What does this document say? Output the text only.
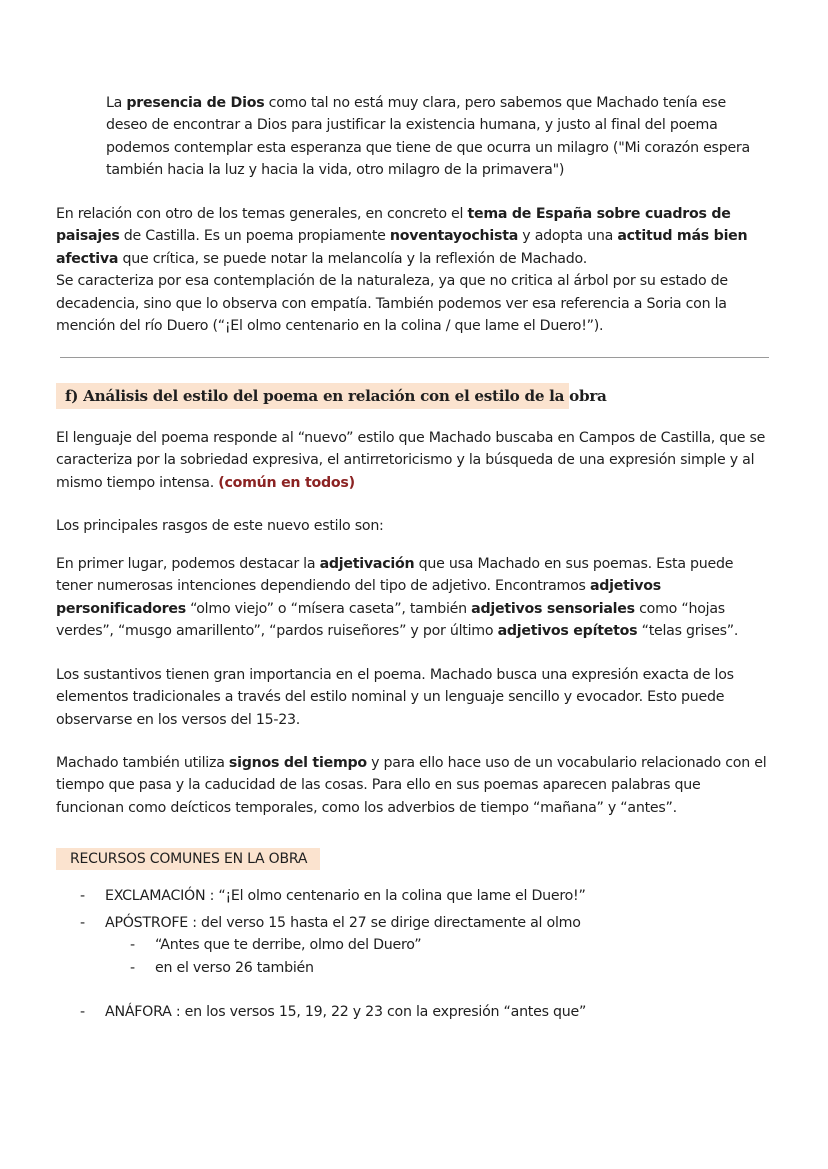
La presencia de Dios como tal no está muy clara, pero sabemos que Machado tenía ese deseo de encontrar a Dios para justificar la existencia humana, y justo al final del poema podemos contemplar esta esperanza que tiene de que ocurra un milagro ("Mi corazón espera también hacia la luz y hacia la vida, otro milagro de la primavera")

En relación con otro de los temas generales, en concreto el tema de España sobre cuadros de paisajes de Castilla. Es un poema propiamente noventayochista y adopta una actitud más bien afectiva que crítica, se puede notar la melancolía y la reflexión de Machado.
Se caracteriza por esa contemplación de la naturaleza, ya que no critica al árbol por su estado de decadencia, sino que lo observa con empatía. También podemos ver esa referencia a Soria con la mención del río Duero (“¡El olmo centenario en la colina / que lame el Duero!”).

f) Análisis del estilo del poema en relación con el estilo de la obra

El lenguaje del poema responde al “nuevo” estilo que Machado buscaba en Campos de Castilla, que se caracteriza por la sobriedad expresiva, el antirretoricismo y la búsqueda de una expresión simple y al mismo tiempo intensa. (común en todos)

Los principales rasgos de este nuevo estilo son:

En primer lugar, podemos destacar la adjetivación que usa Machado en sus poemas. Esta puede tener numerosas intenciones dependiendo del tipo de adjetivo. Encontramos adjetivos personificadores “olmo viejo” o “mísera caseta”, también adjetivos sensoriales como “hojas verdes”, “musgo amarillento”, “pardos ruiseñores” y por último adjetivos epítetos “telas grises”.

Los sustantivos tienen gran importancia en el poema. Machado busca una expresión exacta de los elementos tradicionales a través del estilo nominal y un lenguaje sencillo y evocador. Esto puede observarse en los versos del 15-23.

Machado también utiliza signos del tiempo y para ello hace uso de un vocabulario relacionado con el tiempo que pasa y la caducidad de las cosas. Para ello en sus poemas aparecen palabras que funcionan como deícticos temporales, como los adverbios de tiempo “mañana” y “antes”.

RECURSOS COMUNES EN LA OBRA
- EXCLAMACIÓN : “¡El olmo centenario en la colina que lame el Duero!”
- APÓSTROFE : del verso 15 hasta el 27 se dirige directamente al olmo
- “Antes que te derribe, olmo del Duero”
- en el verso 26 también
- ANÁFORA : en los versos 15, 19, 22 y 23 con la expresión “antes que”
